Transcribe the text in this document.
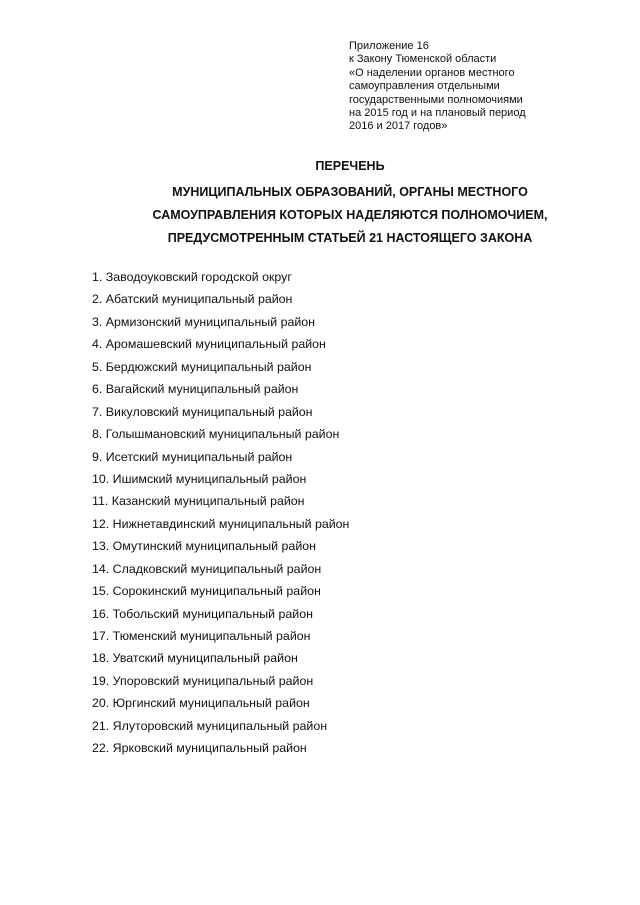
Приложение 16
к Закону Тюменской области
«О наделении органов местного
самоуправления отдельными
государственными полномочиями
на 2015 год и на плановый период
2016 и 2017 годов»
ПЕРЕЧЕНЬ
МУНИЦИПАЛЬНЫХ ОБРАЗОВАНИЙ, ОРГАНЫ МЕСТНОГО
САМОУПРАВЛЕНИЯ КОТОРЫХ НАДЕЛЯЮТСЯ ПОЛНОМОЧИЕМ,
ПРЕДУСМОТРЕННЫМ СТАТЬЕЙ 21 НАСТОЯЩЕГО ЗАКОНА
1. Заводоуковский городской округ
2. Абатский муниципальный район
3. Армизонский муниципальный район
4. Аромашевский муниципальный район
5. Бердюжский муниципальный район
6. Вагайский муниципальный район
7. Викуловский муниципальный район
8. Голышмановский муниципальный район
9. Исетский муниципальный район
10. Ишимский муниципальный район
11. Казанский муниципальный район
12. Нижнетавдинский муниципальный район
13. Омутинский муниципальный район
14. Сладковский муниципальный район
15. Сорокинский муниципальный район
16. Тобольский муниципальный район
17. Тюменский муниципальный район
18. Уватский муниципальный район
19. Упоровский муниципальный район
20. Юргинский муниципальный район
21. Ялуторовский муниципальный район
22. Ярковский муниципальный район
